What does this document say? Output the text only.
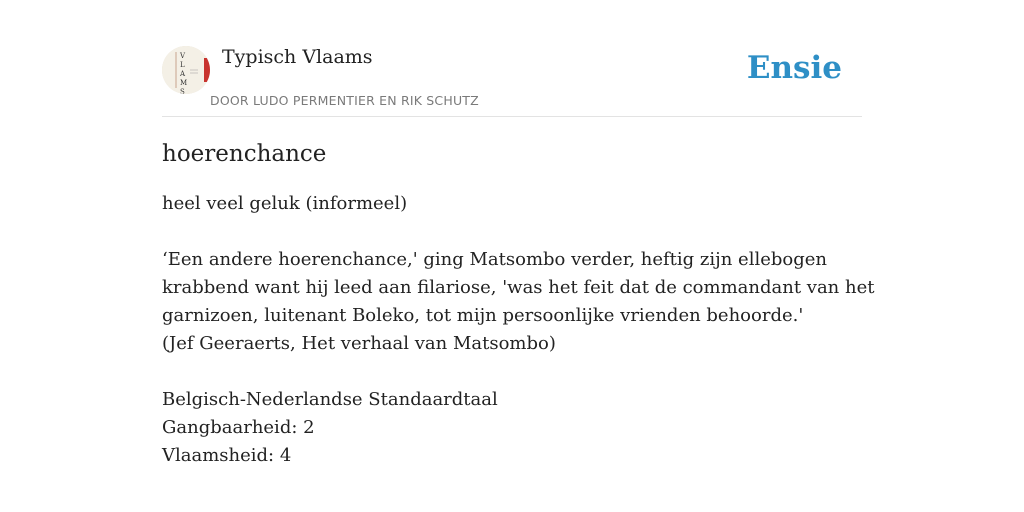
V
L
A
M
S
Typisch Vlaams
DOOR LUDO PERMENTIER EN RIK SCHUTZ
Ensie
hoerenchance
heel veel geluk (informeel)
‘Een andere hoerenchance,' ging Matsombo verder, heftig zijn ellebogen
krabbend want hij leed aan filariose, 'was het feit dat de commandant van het
garnizoen, luitenant Boleko, tot mijn persoonlijke vrienden behoorde.'
(Jef Geeraerts, Het verhaal van Matsombo)
Belgisch-Nederlandse Standaardtaal
Gangbaarheid: 2
Vlaamsheid: 4
